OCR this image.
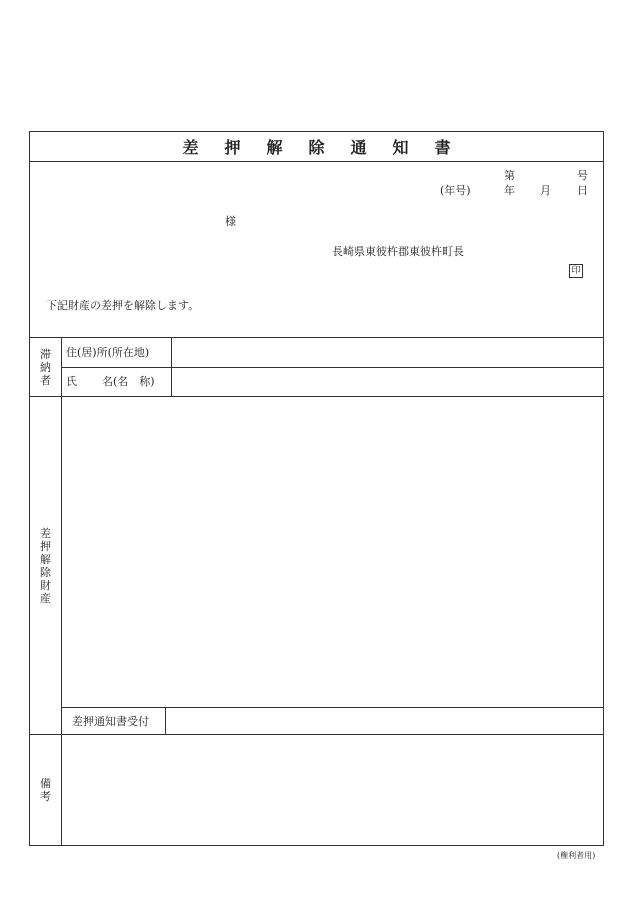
差押解除通知書
第	号
(年号)	年 月 日
様
長崎県東彼杵郡東彼杵町長
印
下記財産の差押を解除します。
滞
納
者
住(居)所(所在地)
氏 名(名　称)
差
押
解
除
財
産
差押通知書受付
備
考
(権利者用)
